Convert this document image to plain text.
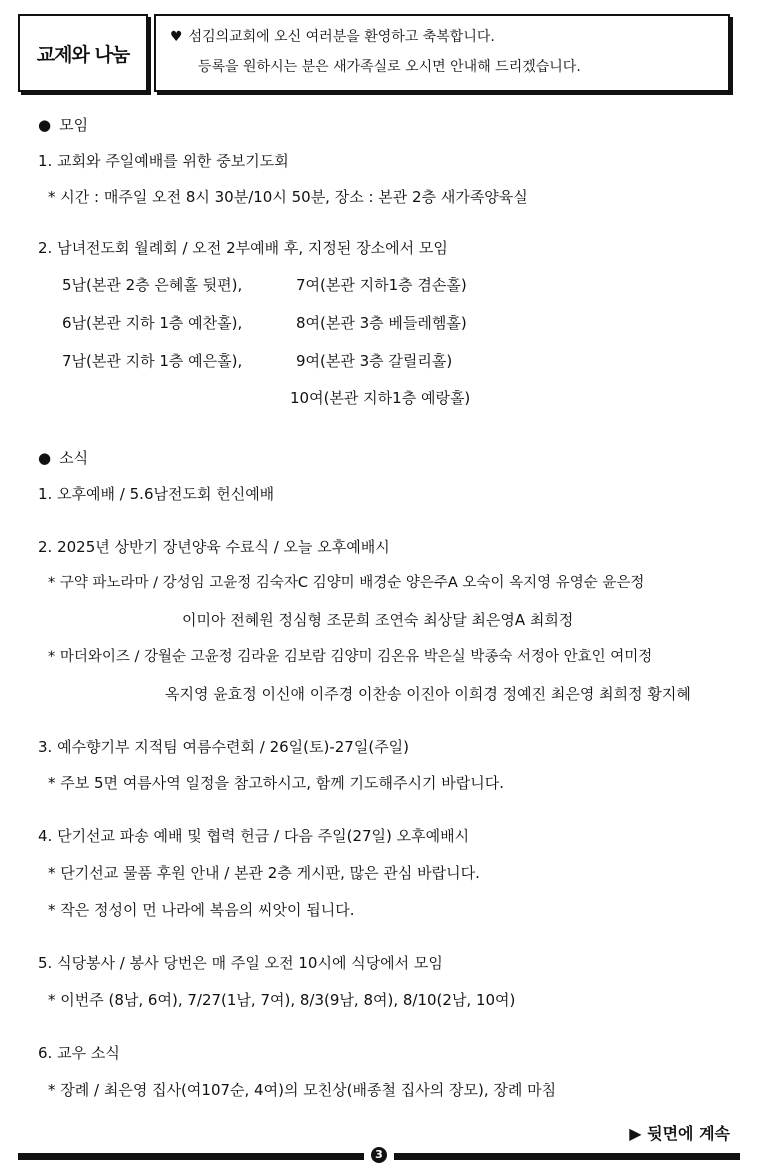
교제와 나눔
♥ 섬김의교회에 오신 여러분을 환영하고 축복합니다.
등록을 원하시는 분은 새가족실로 오시면 안내해 드리겠습니다.
● 모임
1. 교회와 주일예배를 위한 중보기도회
* 시간 : 매주일 오전 8시 30분/10시 50분, 장소 : 본관 2층 새가족양육실
2. 남녀전도회 월례회 / 오전 2부예배 후, 지정된 장소에서 모임
5남(본관 2층 은혜홀 뒷편),	7여(본관 지하1층 겸손홀)
6남(본관 지하 1층 예찬홀),	8여(본관 3층 베들레헴홀)
7남(본관 지하 1층 예은홀),	9여(본관 3층 갈릴리홀)
10여(본관 지하1층 예랑홀)
● 소식
1. 오후예배 / 5.6남전도회 헌신예배
2. 2025년 상반기 장년양육 수료식 / 오늘 오후예배시
* 구약 파노라마 / 강성임 고윤정 김숙자C 김양미 배경순 양은주A 오숙이 옥지영 유영순 윤은정
이미아 전혜원 정심형 조문희 조연숙 최상달 최은영A 최희정
* 마더와이즈 / 강월순 고윤정 김라윤 김보람 김양미 김온유 박은실 박종숙 서정아 안효인 여미정
옥지영 윤효정 이신애 이주경 이찬송 이진아 이희경 정예진 최은영 최희정 황지혜
3. 예수향기부 지적팀 여름수련회 / 26일(토)-27일(주일)
* 주보 5면 여름사역 일정을 참고하시고, 함께 기도해주시기 바랍니다.
4. 단기선교 파송 예배 및 협력 헌금 / 다음 주일(27일) 오후예배시
* 단기선교 물품 후원 안내 / 본관 2층 게시판, 많은 관심 바랍니다.
* 작은 정성이 먼 나라에 복음의 씨앗이 됩니다.
5. 식당봉사 / 봉사 당번은 매 주일 오전 10시에 식당에서 모임
* 이번주 (8남, 6여), 7/27(1남, 7여), 8/3(9남, 8여), 8/10(2남, 10여)
6. 교우 소식
* 장례 / 최은영 집사(여107순, 4여)의 모친상(배종철 집사의 장모), 장례 마침
▶ 뒷면에 계속
3
